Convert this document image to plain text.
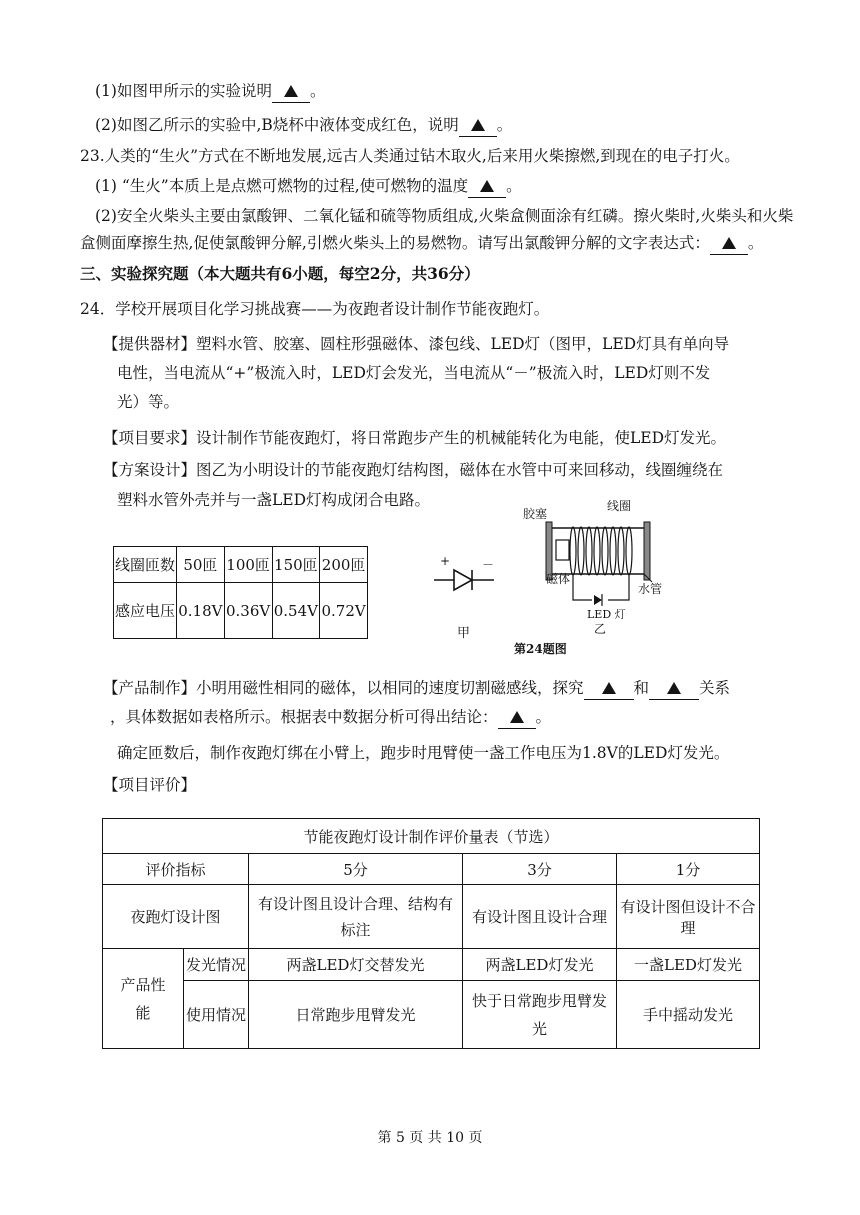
(1)如图甲所示的实验说明 。
(2)如图乙所示的实验中,B烧杯中液体变成红色，说明 。
23.人类的“生火”方式在不断地发展,远古人类通过钻木取火,后来用火柴擦燃,到现在的电子打火。
(1) “生火”本质上是点燃可燃物的过程,使可燃物的温度 。
(2)安全火柴头主要由氯酸钾、二氧化锰和硫等物质组成,火柴盒侧面涂有红磷。擦火柴时,火柴头和火柴
盒侧面摩擦生热,促使氯酸钾分解,引燃火柴头上的易燃物。请写出氯酸钾分解的文字表达式： 。
三、实验探究题（本大题共有6小题，每空2分，共36分）
24．学校开展项目化学习挑战赛——为夜跑者设计制作节能夜跑灯。
【提供器材】塑料水管、胶塞、圆柱形强磁体、漆包线、LED灯（图甲，LED灯具有单向导
电性，当电流从“+”极流入时，LED灯会发光，当电流从“－”极流入时，LED灯则不发
光）等。
【项目要求】设计制作节能夜跑灯，将日常跑步产生的机械能转化为电能，使LED灯发光。
【方案设计】图乙为小明设计的节能夜跑灯结构图，磁体在水管中可来回移动，线圈缠绕在
塑料水管外壳并与一盏LED灯构成闭合电路。
线圈匝数	50匝	100匝	150匝	200匝
感应电压	0.18V	0.36V	0.54V	0.72V
+	－
甲
胶塞
线圈
磁体
水管
LED 灯
乙
第24题图
【产品制作】小明用磁性相同的磁体，以相同的速度切割磁感线，探究	和	关系
，具体数据如表格所示。根据表中数据分析可得出结论： 。
确定匝数后，制作夜跑灯绑在小臂上，跑步时甩臂使一盏工作电压为1.8V的LED灯发光。
【项目评价】
节能夜跑灯设计制作评价量表（节选）				
评价指标		5分	3分	1分
夜跑灯设计图		有设计图且设计合理、结构有标注	有设计图且设计合理	有设计图但设计不合理
产品性能	发光情况	两盏LED灯交替发光	两盏LED灯发光	一盏LED灯发光
	使用情况	日常跑步甩臂发光	快于日常跑步甩臂发光	手中摇动发光
第 5 页 共 10 页
